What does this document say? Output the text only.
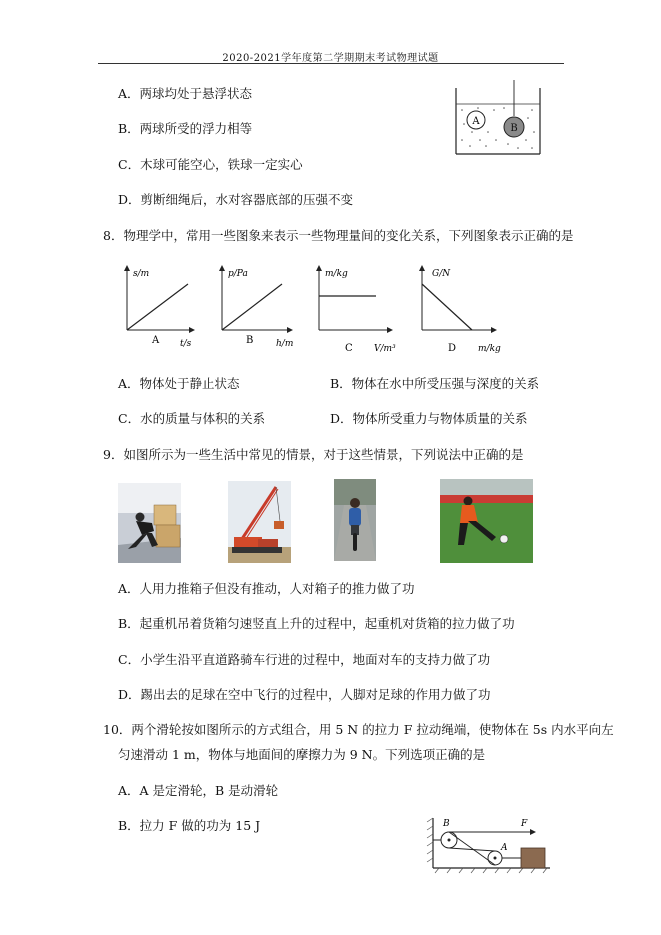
2020-2021学年度第二学期期末考试物理试题
A．两球均处于悬浮状态
B．两球所受的浮力相等
C．木球可能空心，铁球一定实心
D．剪断细绳后，水对容器底部的压强不变
A
B
8．物理学中，常用一些图象来表示一些物理量间的变化关系，下列图象表示正确的是
s/m
t/s
A
p/Pa
h/m
B
m/kg
V/m³
C
G/N
m/kg
D
A．物体处于静止状态	B．物体在水中所受压强与深度的关系
C．水的质量与体积的关系	D．物体所受重力与物体质量的关系
9．如图所示为一些生活中常见的情景，对于这些情景，下列说法中正确的是
A．人用力推箱子但没有推动，人对箱子的推力做了功
B．起重机吊着货箱匀速竖直上升的过程中，起重机对货箱的拉力做了功
C．小学生沿平直道路骑车行进的过程中，地面对车的支持力做了功
D．踢出去的足球在空中飞行的过程中，人脚对足球的作用力做了功
10．两个滑轮按如图所示的方式组合，用 5 N 的拉力 F 拉动绳端，使物体在 5s 内水平向左
匀速滑动 1 m，物体与地面间的摩擦力为 9 N。下列选项正确的是
A．A 是定滑轮，B 是动滑轮
B．拉力 F 做的功为 15 J	B
A
F
